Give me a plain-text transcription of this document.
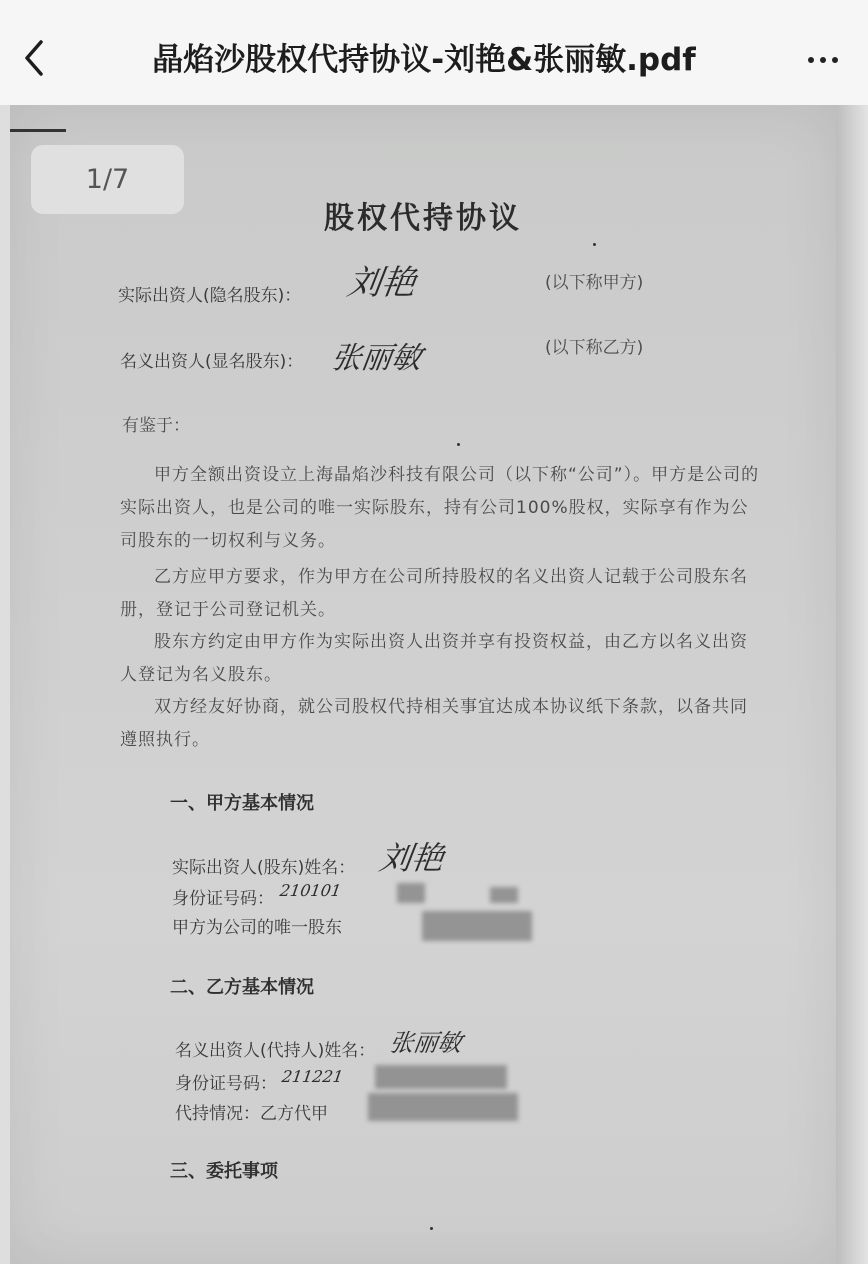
晶焰沙股权代持协议-刘艳&张丽敏.pdf
1/7
股权代持协议
实际出资人(隐名股东)： 刘艳	(以下称甲方)
名义出资人(显名股东)： 张丽敏	(以下称乙方)
有鉴于：
甲方全额出资设立上海晶焰沙科技有限公司（以下称“公司”）。甲方是公司的实际出资人，也是公司的唯一实际股东，持有公司100%股权，实际享有作为公司股东的一切权利与义务。
乙方应甲方要求，作为甲方在公司所持股权的名义出资人记载于公司股东名册，登记于公司登记机关。
股东方约定由甲方作为实际出资人出资并享有投资权益，由乙方以名义出资人登记为名义股东。
双方经友好协商，就公司股权代持相关事宜达成本协议纸下条款，以备共同遵照执行。
一、甲方基本情况
实际出资人(股东)姓名： 刘艳
身份证号码： 210101
甲方为公司的唯一股东
二、乙方基本情况
名义出资人(代持人)姓名： 张丽敏
身份证号码： 211221
代持情况：乙方代甲
三、委托事项
